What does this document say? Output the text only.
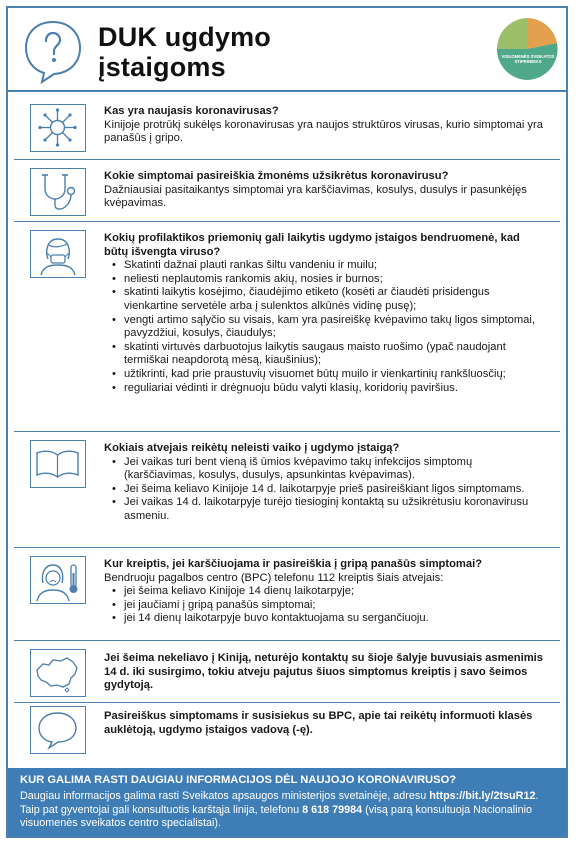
DUK ugdymo
įstaigoms	VISUOMENĖS SVEIKATOS STIPRINIMAS
Kas yra naujasis koronavirusas?
Kinijoje protrūkį sukėlęs koronavirusas yra naujos struktūros virusas, kurio simptomai yra panašūs į gripo.
Kokie simptomai pasireiškia žmonėms užsikrėtus koronavirusu?
Dažniausiai pasitaikantys simptomai yra karščiavimas, kosulys, dusulys ir pasunkėjęs kvėpavimas.
Kokių profilaktikos priemonių gali laikytis ugdymo įstaigos bendruomenė, kad būtų išvengta viruso?
• Skatinti dažnai plauti rankas šiltu vandeniu ir muilu;
• neliesti neplautomis rankomis akių, nosies ir burnos;
• skatinti laikytis kosėjimo, čiaudėjimo etiketo (kosėti ar čiaudėti prisidengus vienkartine servetėle arba į sulenktos alkūnės vidinę pusę);
• vengti artimo sąlyčio su visais, kam yra pasireiškę kvėpavimo takų ligos simptomai, pavyzdžiui, kosulys, čiaudulys;
• skatinti virtuvės darbuotojus laikytis saugaus maisto ruošimo (ypač naudojant termiškai neapdorotą mėsą, kiaušinius);
• užtikrinti, kad prie praustuvių visuomet būtų muilo ir vienkartinių rankšluosčių;
• reguliariai vėdinti ir drėgnuoju būdu valyti klasių, koridorių paviršius.
Kokiais atvejais reikėtų neleisti vaiko į ugdymo įstaigą?
• Jei vaikas turi bent vieną iš ūmios kvėpavimo takų infekcijos simptomų (karščiavimas, kosulys, dusulys, apsunkintas kvėpavimas).
• Jei šeima keliavo Kinijoje 14 d. laikotarpyje prieš pasireiškiant ligos simptomams.
• Jei vaikas 14 d. laikotarpyje turėjo tiesioginį kontaktą su užsikrėtusiu koronavirusu asmeniu.
Kur kreiptis, jei karščiuojama ir pasireiškia į gripą panašūs simptomai?
Bendruoju pagalbos centro (BPC) telefonu 112 kreiptis šiais atvejais:
• jei šeima keliavo Kinijoje 14 dienų laikotarpyje;
• jei jaučiami į gripą panašūs simptomai;
• jei 14 dienų laikotarpyje buvo kontaktuojama su sergančiuoju.
Jei šeima nekeliavo į Kiniją, neturėjo kontaktų su šioje šalyje buvusiais asmenimis 14 d. iki susirgimo, tokiu atveju pajutus šiuos simptomus kreiptis į savo šeimos gydytoją.
Pasireiškus simptomams ir susisiekus su BPC, apie tai reikėtų informuoti klasės auklėtoją, ugdymo įstaigos vadovą (-ę).
KUR GALIMA RASTI DAUGIAU INFORMACIJOS DĖL NAUJOJO KORONAVIRUSO?
Daugiau informacijos galima rasti Sveikatos apsaugos ministerijos svetainėje, adresu https://bit.ly/2tsuR12. Taip pat gyventojai gali konsultuotis karštąja linija, telefonu 8 618 79984 (visą parą konsultuoja Nacionalinio visuomenės sveikatos centro specialistai).
